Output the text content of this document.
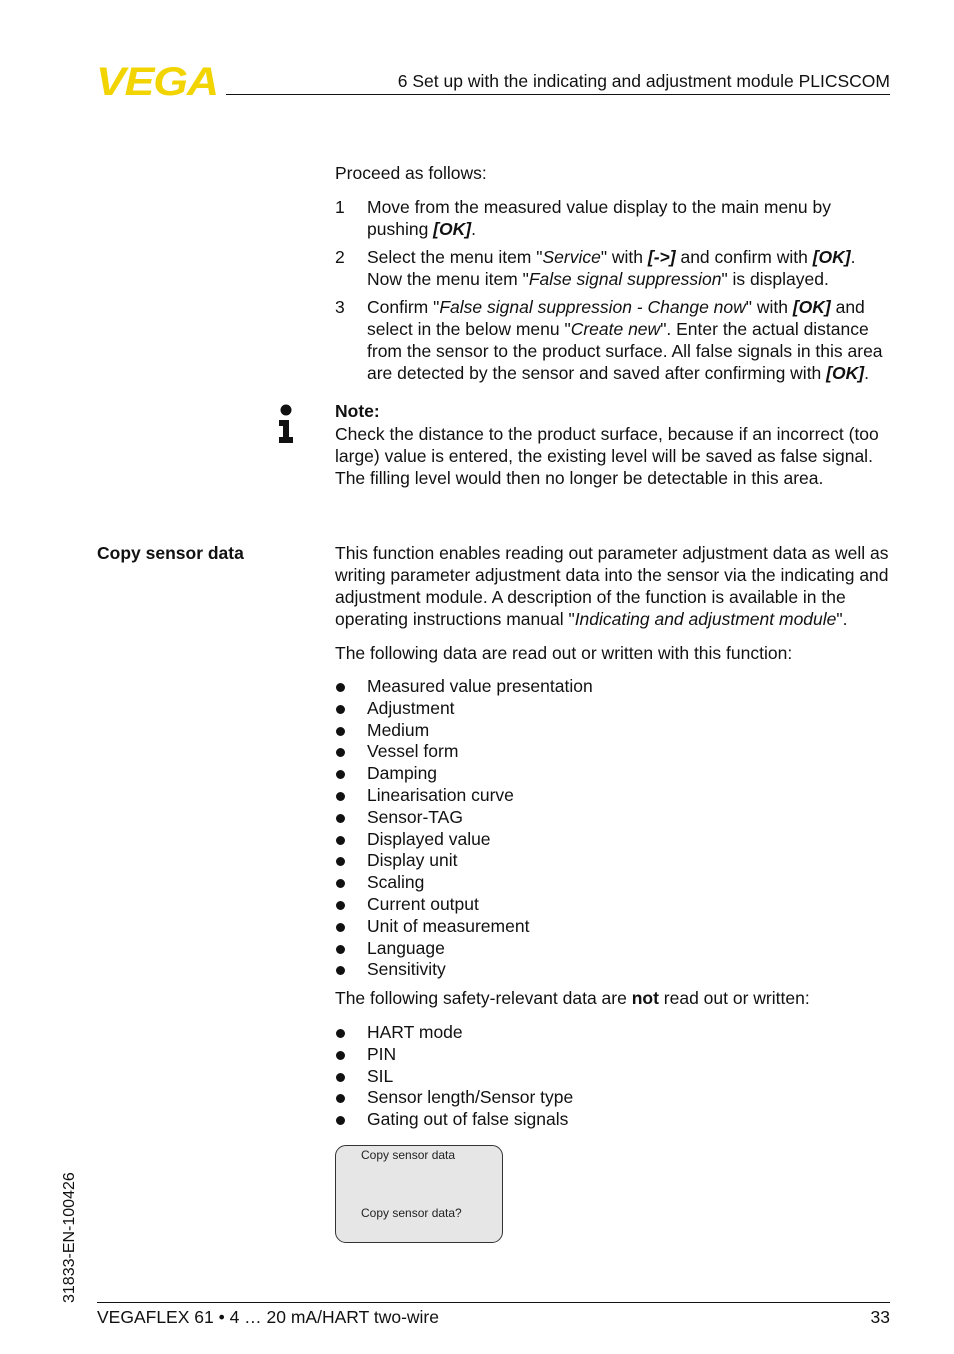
VEGA	6 Set up with the indicating and adjustment module PLICSCOM
Proceed as follows:
1	Move from the measured value display to the main menu by pushing [OK].
2	Select the menu item "Service" with [->] and confirm with [OK]. Now the menu item "False signal suppression" is displayed.
3	Confirm "False signal suppression - Change now" with [OK] and select in the below menu "Create new". Enter the actual distance from the sensor to the product surface. All false signals in this area are detected by the sensor and saved after confirming with [OK].
Note:
Check the distance to the product surface, because if an incorrect (too large) value is entered, the existing level will be saved as false signal. The filling level would then no longer be detectable in this area.
Copy sensor data	This function enables reading out parameter adjustment data as well as writing parameter adjustment data into the sensor via the indicating and adjustment module. A description of the function is available in the operating instructions manual "Indicating and adjustment module".
The following data are read out or written with this function:
Measured value presentation
Adjustment
Medium
Vessel form
Damping
Linearisation curve
Sensor-TAG
Displayed value
Display unit
Scaling
Current output
Unit of measurement
Language
Sensitivity
The following safety-relevant data are not read out or written:
HART mode
PIN
SIL
Sensor length/Sensor type
Gating out of false signals
Copy sensor data
Copy sensor data?
31833-EN-100426
VEGAFLEX 61 • 4 … 20 mA/HART two-wire	33
